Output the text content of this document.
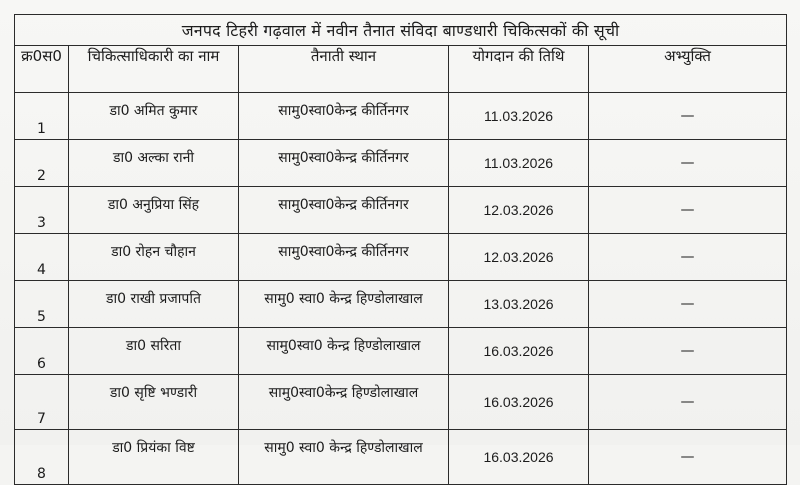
जनपद टिहरी गढ़वाल में नवीन तैनात संविदा बाण्डधारी चिकित्सकों की सूची				
क्र0स0	चिकित्साधिकारी का नाम	तैनाती स्थान	योगदान की तिथि	अभ्युक्ति
1	डा0 अमित कुमार	सामु0स्वा0केन्द्र कीर्तिनगर	11.03.2026	—
2	डा0 अल्का रानी	सामु0स्वा0केन्द्र कीर्तिनगर	11.03.2026	—
3	डा0 अनुप्रिया सिंह	सामु0स्वा0केन्द्र कीर्तिनगर	12.03.2026	—
4	डा0 रोहन चौहान	सामु0स्वा0केन्द्र कीर्तिनगर	12.03.2026	—
5	डा0 राखी प्रजापति	सामु0 स्वा0 केन्द्र हिण्डोलाखाल	13.03.2026	—
6	डा0 सरिता	सामु0स्वा0 केन्द्र हिण्डोलाखाल	16.03.2026	—
7	डा0 सृष्टि भण्डारी	सामु0स्वा0केन्द्र हिण्डोलाखाल	16.03.2026	—
8	डा0 प्रियंका विष्ट	सामु0 स्वा0 केन्द्र हिण्डोलाखाल	16.03.2026	—
